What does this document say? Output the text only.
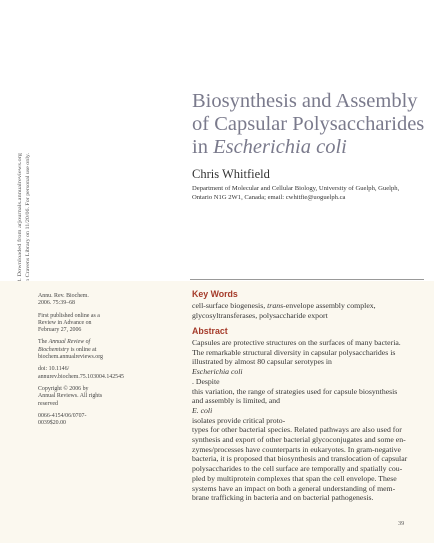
Annu. Rev. Biochem. 2006.75:39-68. Downloaded from arjournals.annualreviews.org by Western Kentucky University - Helm Cravens Library on 11/20/06. For personal use only.
Biosynthesis and Assembly
of Capsular Polysaccharides
in Escherichia coli
Chris Whitfield
Department of Molecular and Cellular Biology, University of Guelph, Guelph,
Ontario N1G 2W1, Canada; email: cwhitfie@uoguelph.ca

Annu. Rev. Biochem.
2006. 75:39–68

First published online as a
Review in Advance on
February 27, 2006

The Annual Review of
Biochemistry is online at
biochem.annualreviews.org

doi: 10.1146/
annurev.biochem.75.103004.142545

Copyright © 2006 by
Annual Reviews. All rights
reserved

0066-4154/06/0707-
0039$20.00

Key Words
cell-surface biogenesis, trans-envelope assembly complex,
glycosyltransferases, polysaccharide export
Abstract
Capsules are protective structures on the surfaces of many bacteria.
The remarkable structural diversity in capsular polysaccharides is
illustrated by almost 80 capsular serotypes in
Escherichia coli
. Despite
this variation, the range of strategies used for capsule biosynthesis
and assembly is limited, and
E. coli
isolates provide critical proto-
types for other bacterial species. Related pathways are also used for
synthesis and export of other bacterial glycoconjugates and some en-
zymes/processes have counterparts in eukaryotes. In gram-negative
bacteria, it is proposed that biosynthesis and translocation of capsular
polysaccharides to the cell surface are temporally and spatially cou-
pled by multiprotein complexes that span the cell envelope. These
systems have an impact on both a general understanding of mem-
brane trafficking in bacteria and on bacterial pathogenesis.
39
